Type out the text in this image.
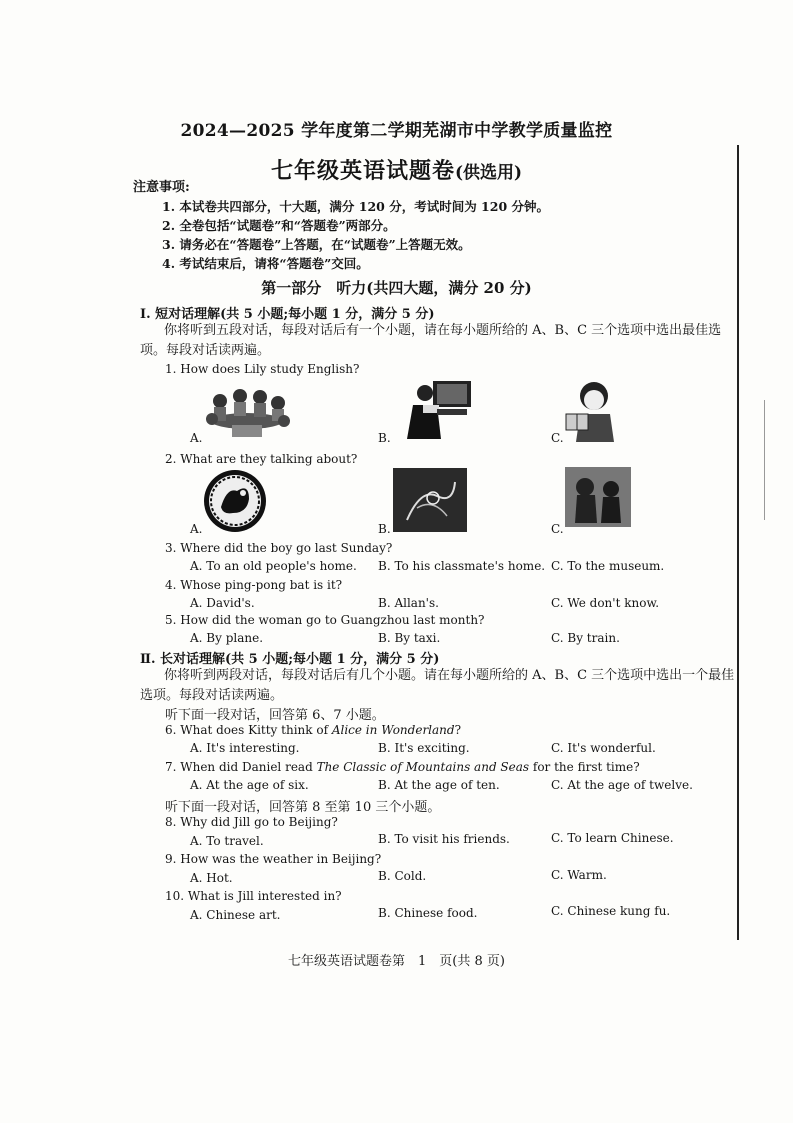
2024—2025 学年度第二学期芜湖市中学教学质量监控
七年级英语试题卷(供选用)
注意事项:
1. 本试卷共四部分，十大题，满分 120 分，考试时间为 120 分钟。
2. 全卷包括“试题卷”和“答题卷”两部分。
3. 请务必在“答题卷”上答题，在“试题卷”上答题无效。
4. 考试结束后，请将“答题卷”交回。
第一部分　听力(共四大题，满分 20 分)
Ⅰ. 短对话理解(共 5 小题;每小题 1 分，满分 5 分)
你将听到五段对话，每段对话后有一个小题，请在每小题所给的 A、B、C 三个选项中选出最佳选项。每段对话读两遍。
1. How does Lily study English?
A.	B.	C.
2. What are they talking about?
A.	B.	C.
3. Where did the boy go last Sunday?
A. To an old people's home. B. To his classmate's home. C. To the museum.
4. Whose ping-pong bat is it?
A. David's.	B. Allan's.	C. We don't know.
5. How did the woman go to Guangzhou last month?
A. By plane.	B. By taxi.	C. By train.
Ⅱ. 长对话理解(共 5 小题;每小题 1 分，满分 5 分)
你将听到两段对话，每段对话后有几个小题。请在每小题所给的 A、B、C 三个选项中选出一个最佳选项。每段对话读两遍。
听下面一段对话，回答第 6、7 小题。
6. What does Kitty think of Alice in Wonderland?
A. It's interesting.	B. It's exciting.	C. It's wonderful.
7. When did Daniel read The Classic of Mountains and Seas for the first time?
A. At the age of six.	B. At the age of ten.	C. At the age of twelve.
听下面一段对话，回答第 8 至第 10 三个小题。
8. Why did Jill go to Beijing?
A. To travel.	B. To visit his friends.	C. To learn Chinese.
9. How was the weather in Beijing?
A. Hot.	B. Cold.	C. Warm.
10. What is Jill interested in?
A. Chinese art.	B. Chinese food.	C. Chinese kung fu.
七年级英语试题卷第　1　页(共 8 页)
